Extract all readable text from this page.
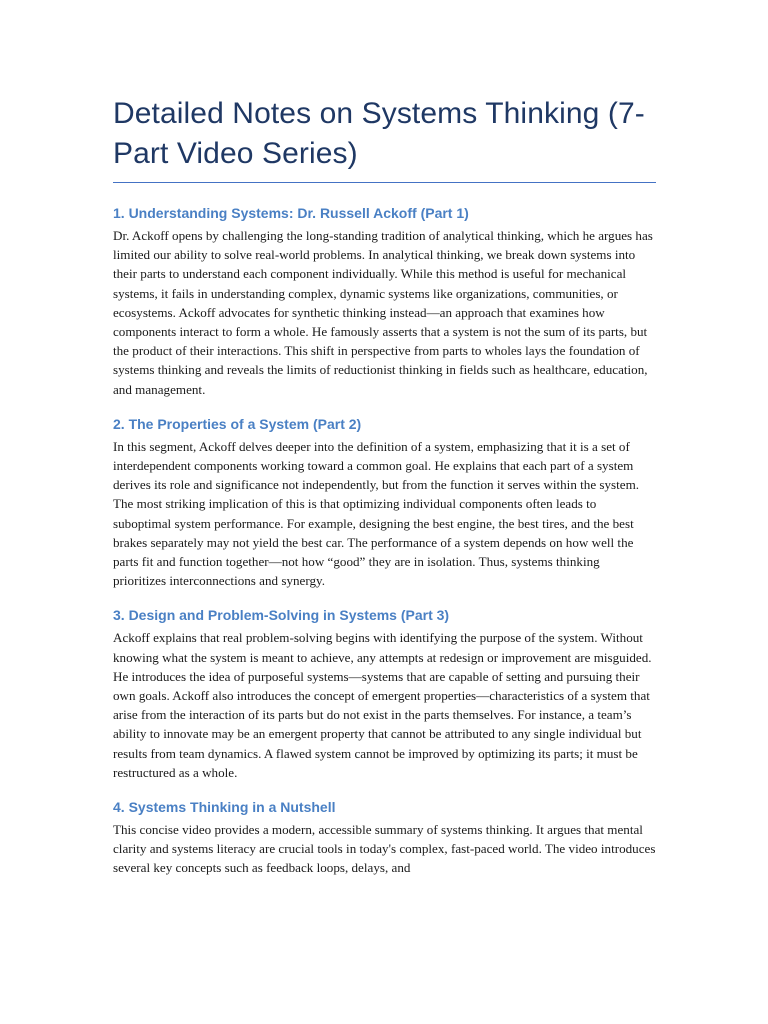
Detailed Notes on Systems Thinking (7-Part Video Series)
1. Understanding Systems: Dr. Russell Ackoff (Part 1)

Dr. Ackoff opens by challenging the long-standing tradition of analytical thinking, which he argues has limited our ability to solve real-world problems. In analytical thinking, we break down systems into their parts to understand each component individually. While this method is useful for mechanical systems, it fails in understanding complex, dynamic systems like organizations, communities, or ecosystems. Ackoff advocates for synthetic thinking instead—an approach that examines how components interact to form a whole. He famously asserts that a system is not the sum of its parts, but the product of their interactions. This shift in perspective from parts to wholes lays the foundation of systems thinking and reveals the limits of reductionist thinking in fields such as healthcare, education, and management.

2. The Properties of a System (Part 2)

In this segment, Ackoff delves deeper into the definition of a system, emphasizing that it is a set of interdependent components working toward a common goal. He explains that each part of a system derives its role and significance not independently, but from the function it serves within the system. The most striking implication of this is that optimizing individual components often leads to suboptimal system performance. For example, designing the best engine, the best tires, and the best brakes separately may not yield the best car. The performance of a system depends on how well the parts fit and function together—not how “good” they are in isolation. Thus, systems thinking prioritizes interconnections and synergy.

3. Design and Problem-Solving in Systems (Part 3)

Ackoff explains that real problem-solving begins with identifying the purpose of the system. Without knowing what the system is meant to achieve, any attempts at redesign or improvement are misguided. He introduces the idea of purposeful systems—systems that are capable of setting and pursuing their own goals. Ackoff also introduces the concept of emergent properties—characteristics of a system that arise from the interaction of its parts but do not exist in the parts themselves. For instance, a team’s ability to innovate may be an emergent property that cannot be attributed to any single individual but results from team dynamics. A flawed system cannot be improved by optimizing its parts; it must be restructured as a whole.

4. Systems Thinking in a Nutshell

This concise video provides a modern, accessible summary of systems thinking. It argues that mental clarity and systems literacy are crucial tools in today's complex, fast-paced world. The video introduces several key concepts such as feedback loops, delays, and
